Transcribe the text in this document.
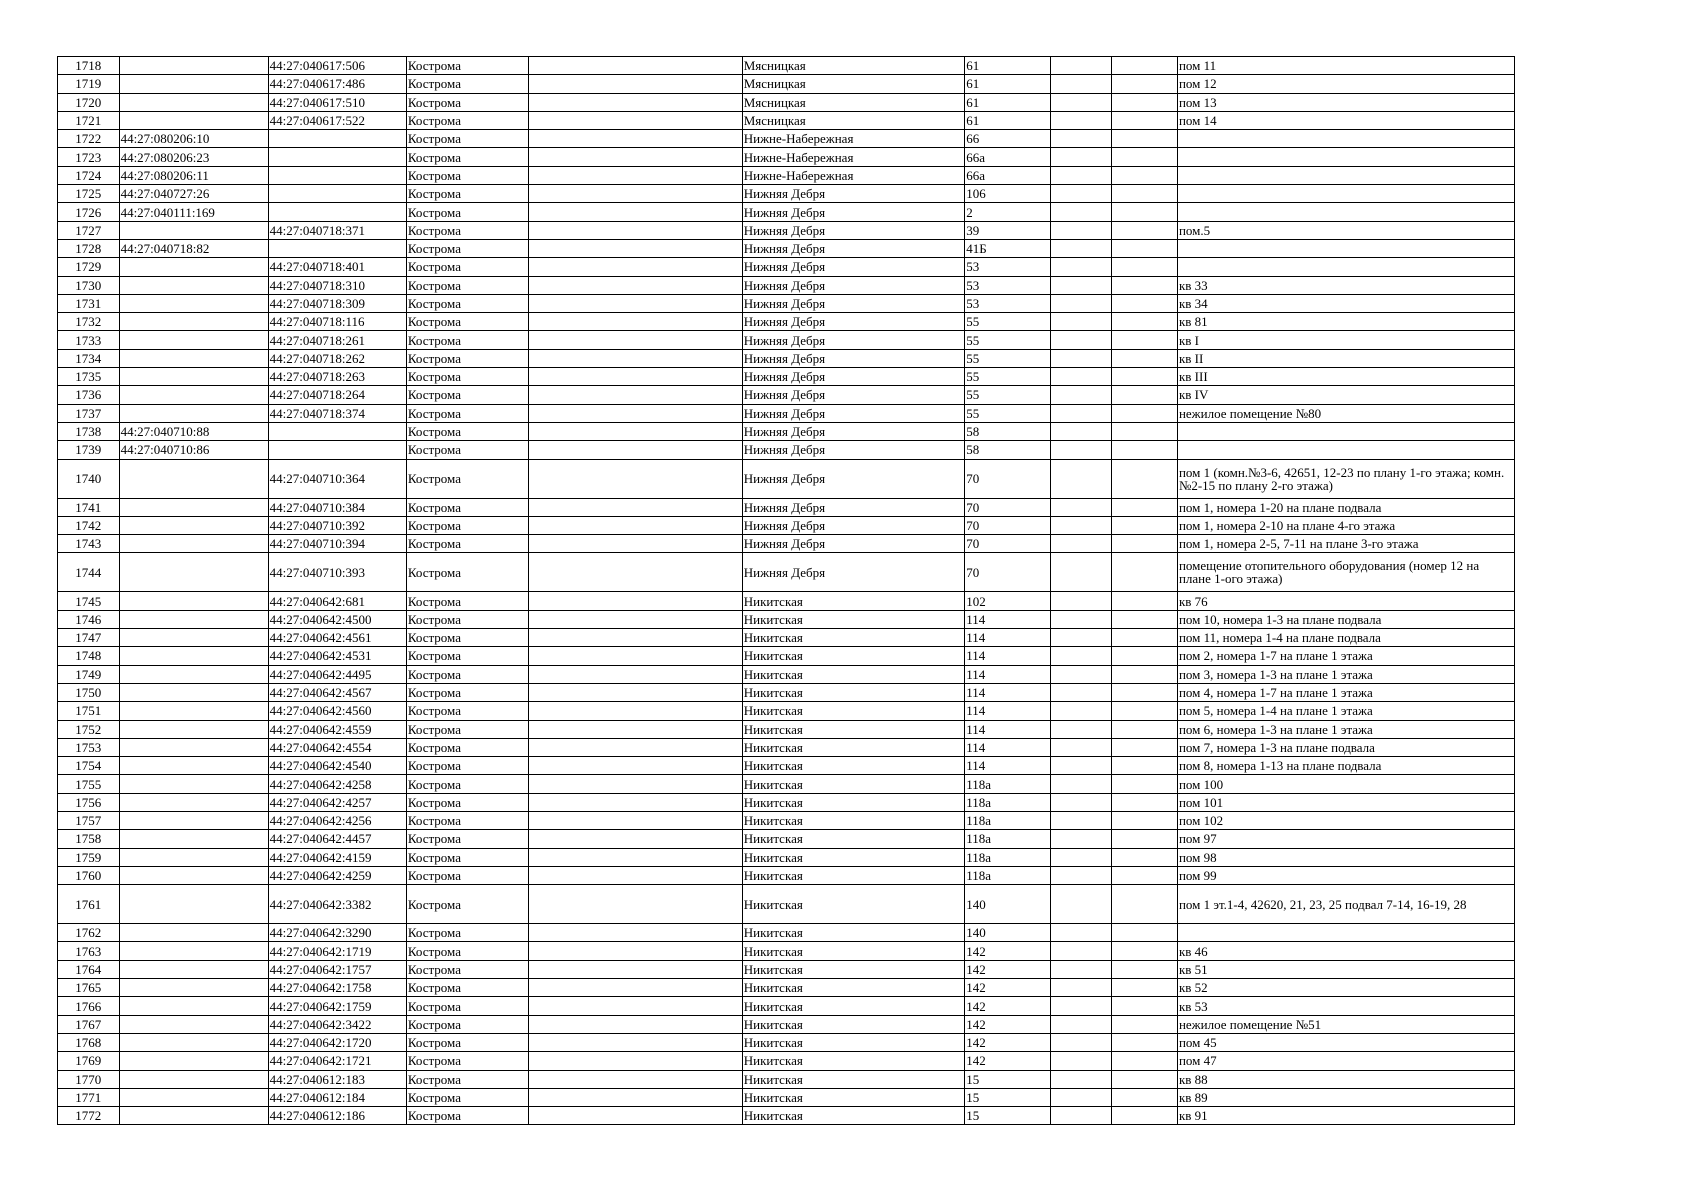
1718		44:27:040617:506	Кострома		Мясницкая	61			пом 11
1719		44:27:040617:486	Кострома		Мясницкая	61			пом 12
1720		44:27:040617:510	Кострома		Мясницкая	61			пом 13
1721		44:27:040617:522	Кострома		Мясницкая	61			пом 14
1722	44:27:080206:10		Кострома		Нижне-Набережная	66			
1723	44:27:080206:23		Кострома		Нижне-Набережная	66а			
1724	44:27:080206:11		Кострома		Нижне-Набережная	66а			
1725	44:27:040727:26		Кострома		Нижняя Дебря	106			
1726	44:27:040111:169		Кострома		Нижняя Дебря	2			
1727		44:27:040718:371	Кострома		Нижняя Дебря	39			пом.5
1728	44:27:040718:82		Кострома		Нижняя Дебря	41Б			
1729		44:27:040718:401	Кострома		Нижняя Дебря	53			
1730		44:27:040718:310	Кострома		Нижняя Дебря	53			кв 33
1731		44:27:040718:309	Кострома		Нижняя Дебря	53			кв 34
1732		44:27:040718:116	Кострома		Нижняя Дебря	55			кв 81
1733		44:27:040718:261	Кострома		Нижняя Дебря	55			кв I
1734		44:27:040718:262	Кострома		Нижняя Дебря	55			кв II
1735		44:27:040718:263	Кострома		Нижняя Дебря	55			кв III
1736		44:27:040718:264	Кострома		Нижняя Дебря	55			кв IV
1737		44:27:040718:374	Кострома		Нижняя Дебря	55			нежилое помещение №80
1738	44:27:040710:88		Кострома		Нижняя Дебря	58			
1739	44:27:040710:86		Кострома		Нижняя Дебря	58			
1740		44:27:040710:364	Кострома		Нижняя Дебря	70			пом 1 (комн.№3-6, 42651, 12-23 по плану 1-го этажа; комн.№2-15 по плану 2-го этажа)
1741		44:27:040710:384	Кострома		Нижняя Дебря	70			пом 1, номера 1-20 на плане подвала
1742		44:27:040710:392	Кострома		Нижняя Дебря	70			пом 1, номера 2-10 на плане 4-го этажа
1743		44:27:040710:394	Кострома		Нижняя Дебря	70			пом 1, номера 2-5, 7-11 на плане 3-го этажа
1744		44:27:040710:393	Кострома		Нижняя Дебря	70			помещение отопительного оборудования (номер 12 на плане 1-ого этажа)
1745		44:27:040642:681	Кострома		Никитская	102			кв 76
1746		44:27:040642:4500	Кострома		Никитская	114			пом 10, номера 1-3 на плане подвала
1747		44:27:040642:4561	Кострома		Никитская	114			пом 11, номера 1-4 на плане подвала
1748		44:27:040642:4531	Кострома		Никитская	114			пом 2, номера 1-7 на плане 1 этажа
1749		44:27:040642:4495	Кострома		Никитская	114			пом 3, номера 1-3 на плане 1 этажа
1750		44:27:040642:4567	Кострома		Никитская	114			пом 4, номера 1-7 на плане 1 этажа
1751		44:27:040642:4560	Кострома		Никитская	114			пом 5, номера 1-4 на плане 1 этажа
1752		44:27:040642:4559	Кострома		Никитская	114			пом 6, номера 1-3 на плане 1 этажа
1753		44:27:040642:4554	Кострома		Никитская	114			пом 7, номера 1-3 на плане подвала
1754		44:27:040642:4540	Кострома		Никитская	114			пом 8, номера 1-13 на плане подвала
1755		44:27:040642:4258	Кострома		Никитская	118а			пом 100
1756		44:27:040642:4257	Кострома		Никитская	118а			пом 101
1757		44:27:040642:4256	Кострома		Никитская	118а			пом 102
1758		44:27:040642:4457	Кострома		Никитская	118а			пом 97
1759		44:27:040642:4159	Кострома		Никитская	118а			пом 98
1760		44:27:040642:4259	Кострома		Никитская	118а			пом 99
1761		44:27:040642:3382	Кострома		Никитская	140			пом 1 эт.1-4, 42620, 21, 23, 25 подвал 7-14, 16-19, 28
1762		44:27:040642:3290	Кострома		Никитская	140			
1763		44:27:040642:1719	Кострома		Никитская	142			кв 46
1764		44:27:040642:1757	Кострома		Никитская	142			кв 51
1765		44:27:040642:1758	Кострома		Никитская	142			кв 52
1766		44:27:040642:1759	Кострома		Никитская	142			кв 53
1767		44:27:040642:3422	Кострома		Никитская	142			нежилое помещение №51
1768		44:27:040642:1720	Кострома		Никитская	142			пом 45
1769		44:27:040642:1721	Кострома		Никитская	142			пом 47
1770		44:27:040612:183	Кострома		Никитская	15			кв 88
1771		44:27:040612:184	Кострома		Никитская	15			кв 89
1772		44:27:040612:186	Кострома		Никитская	15			кв 91
